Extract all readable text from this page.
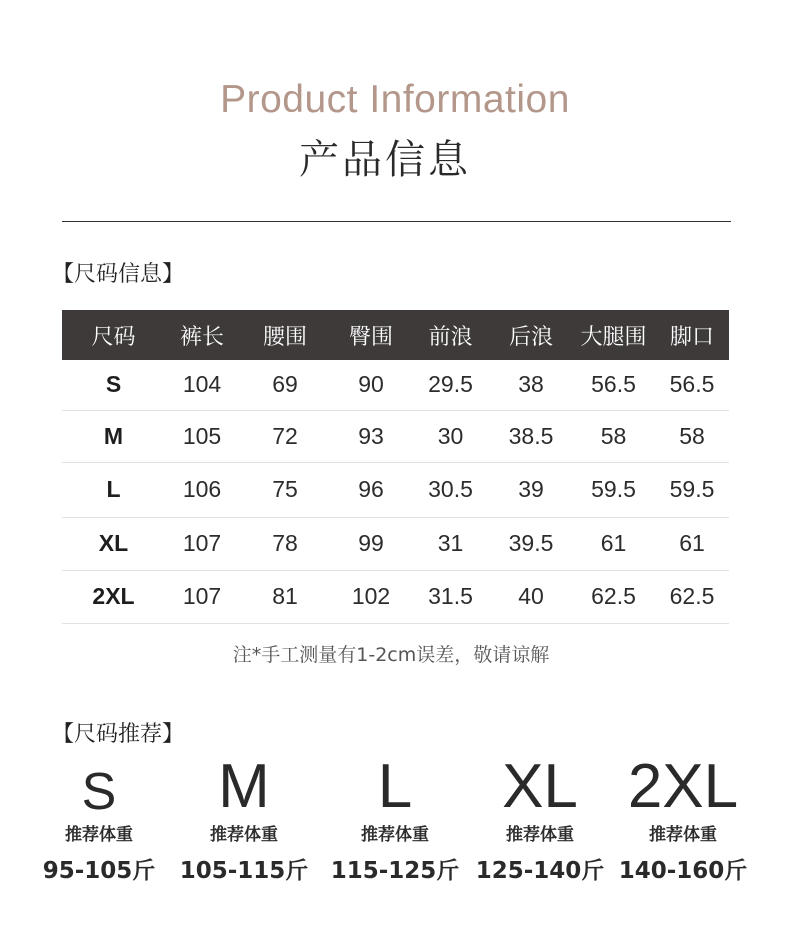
Product Information
产品信息
【尺码信息】
尺码	裤长	腰围	臀围	前浪	后浪	大腿围	脚口
S	104	69	90	29.5	38	56.5	56.5
M	105	72	93	30	38.5	58	58
L	106	75	96	30.5	39	59.5	59.5
XL	107	78	99	31	39.5	61	61
2XL	107	81	102	31.5	40	62.5	62.5
注*手工测量有1-2cm误差，敬请谅解
【尺码推荐】
S
推荐体重
95-105斤
M
推荐体重
105-115斤
L
推荐体重
115-125斤
XL
推荐体重
125-140斤
2XL
推荐体重
140-160斤
